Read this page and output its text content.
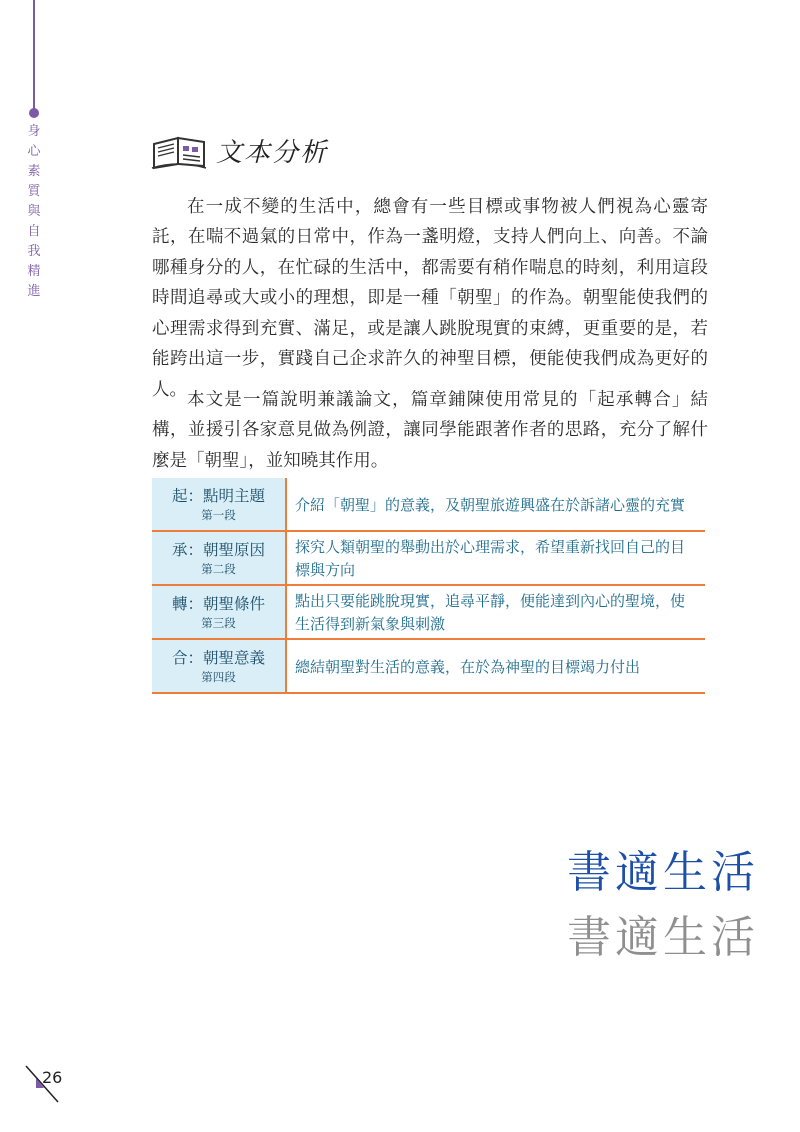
身心素質與自我精進
文本分析

在一成不變的生活中，總會有一些目標或事物被人們視為心靈寄託，在喘不過氣的日常中，作為一盞明燈，支持人們向上、向善。不論哪種身分的人，在忙碌的生活中，都需要有稍作喘息的時刻，利用這段時間追尋或大或小的理想，即是一種「朝聖」的作為。朝聖能使我們的心理需求得到充實、滿足，或是讓人跳脫現實的束縛，更重要的是，若能跨出這一步，實踐自己企求許久的神聖目標，便能使我們成為更好的人。 本文是一篇說明兼議論文，篇章鋪陳使用常見的「起承轉合」結構，並援引各家意見做為例證，讓同學能跟著作者的思路，充分了解什麼是「朝聖」，並知曉其作用。

起：點明主題
第一段
介紹「朝聖」的意義，及朝聖旅遊興盛在於訴諸心靈的充實
承：朝聖原因
第二段
探究人類朝聖的舉動出於心理需求，希望重新找回自己的目標與方向
轉：朝聖條件
第三段
點出只要能跳脫現實，追尋平靜，便能達到內心的聖境，使生活得到新氣象與刺激
合：朝聖意義
第四段
總結朝聖對生活的意義，在於為神聖的目標竭力付出
書適生活
書適生活
26
